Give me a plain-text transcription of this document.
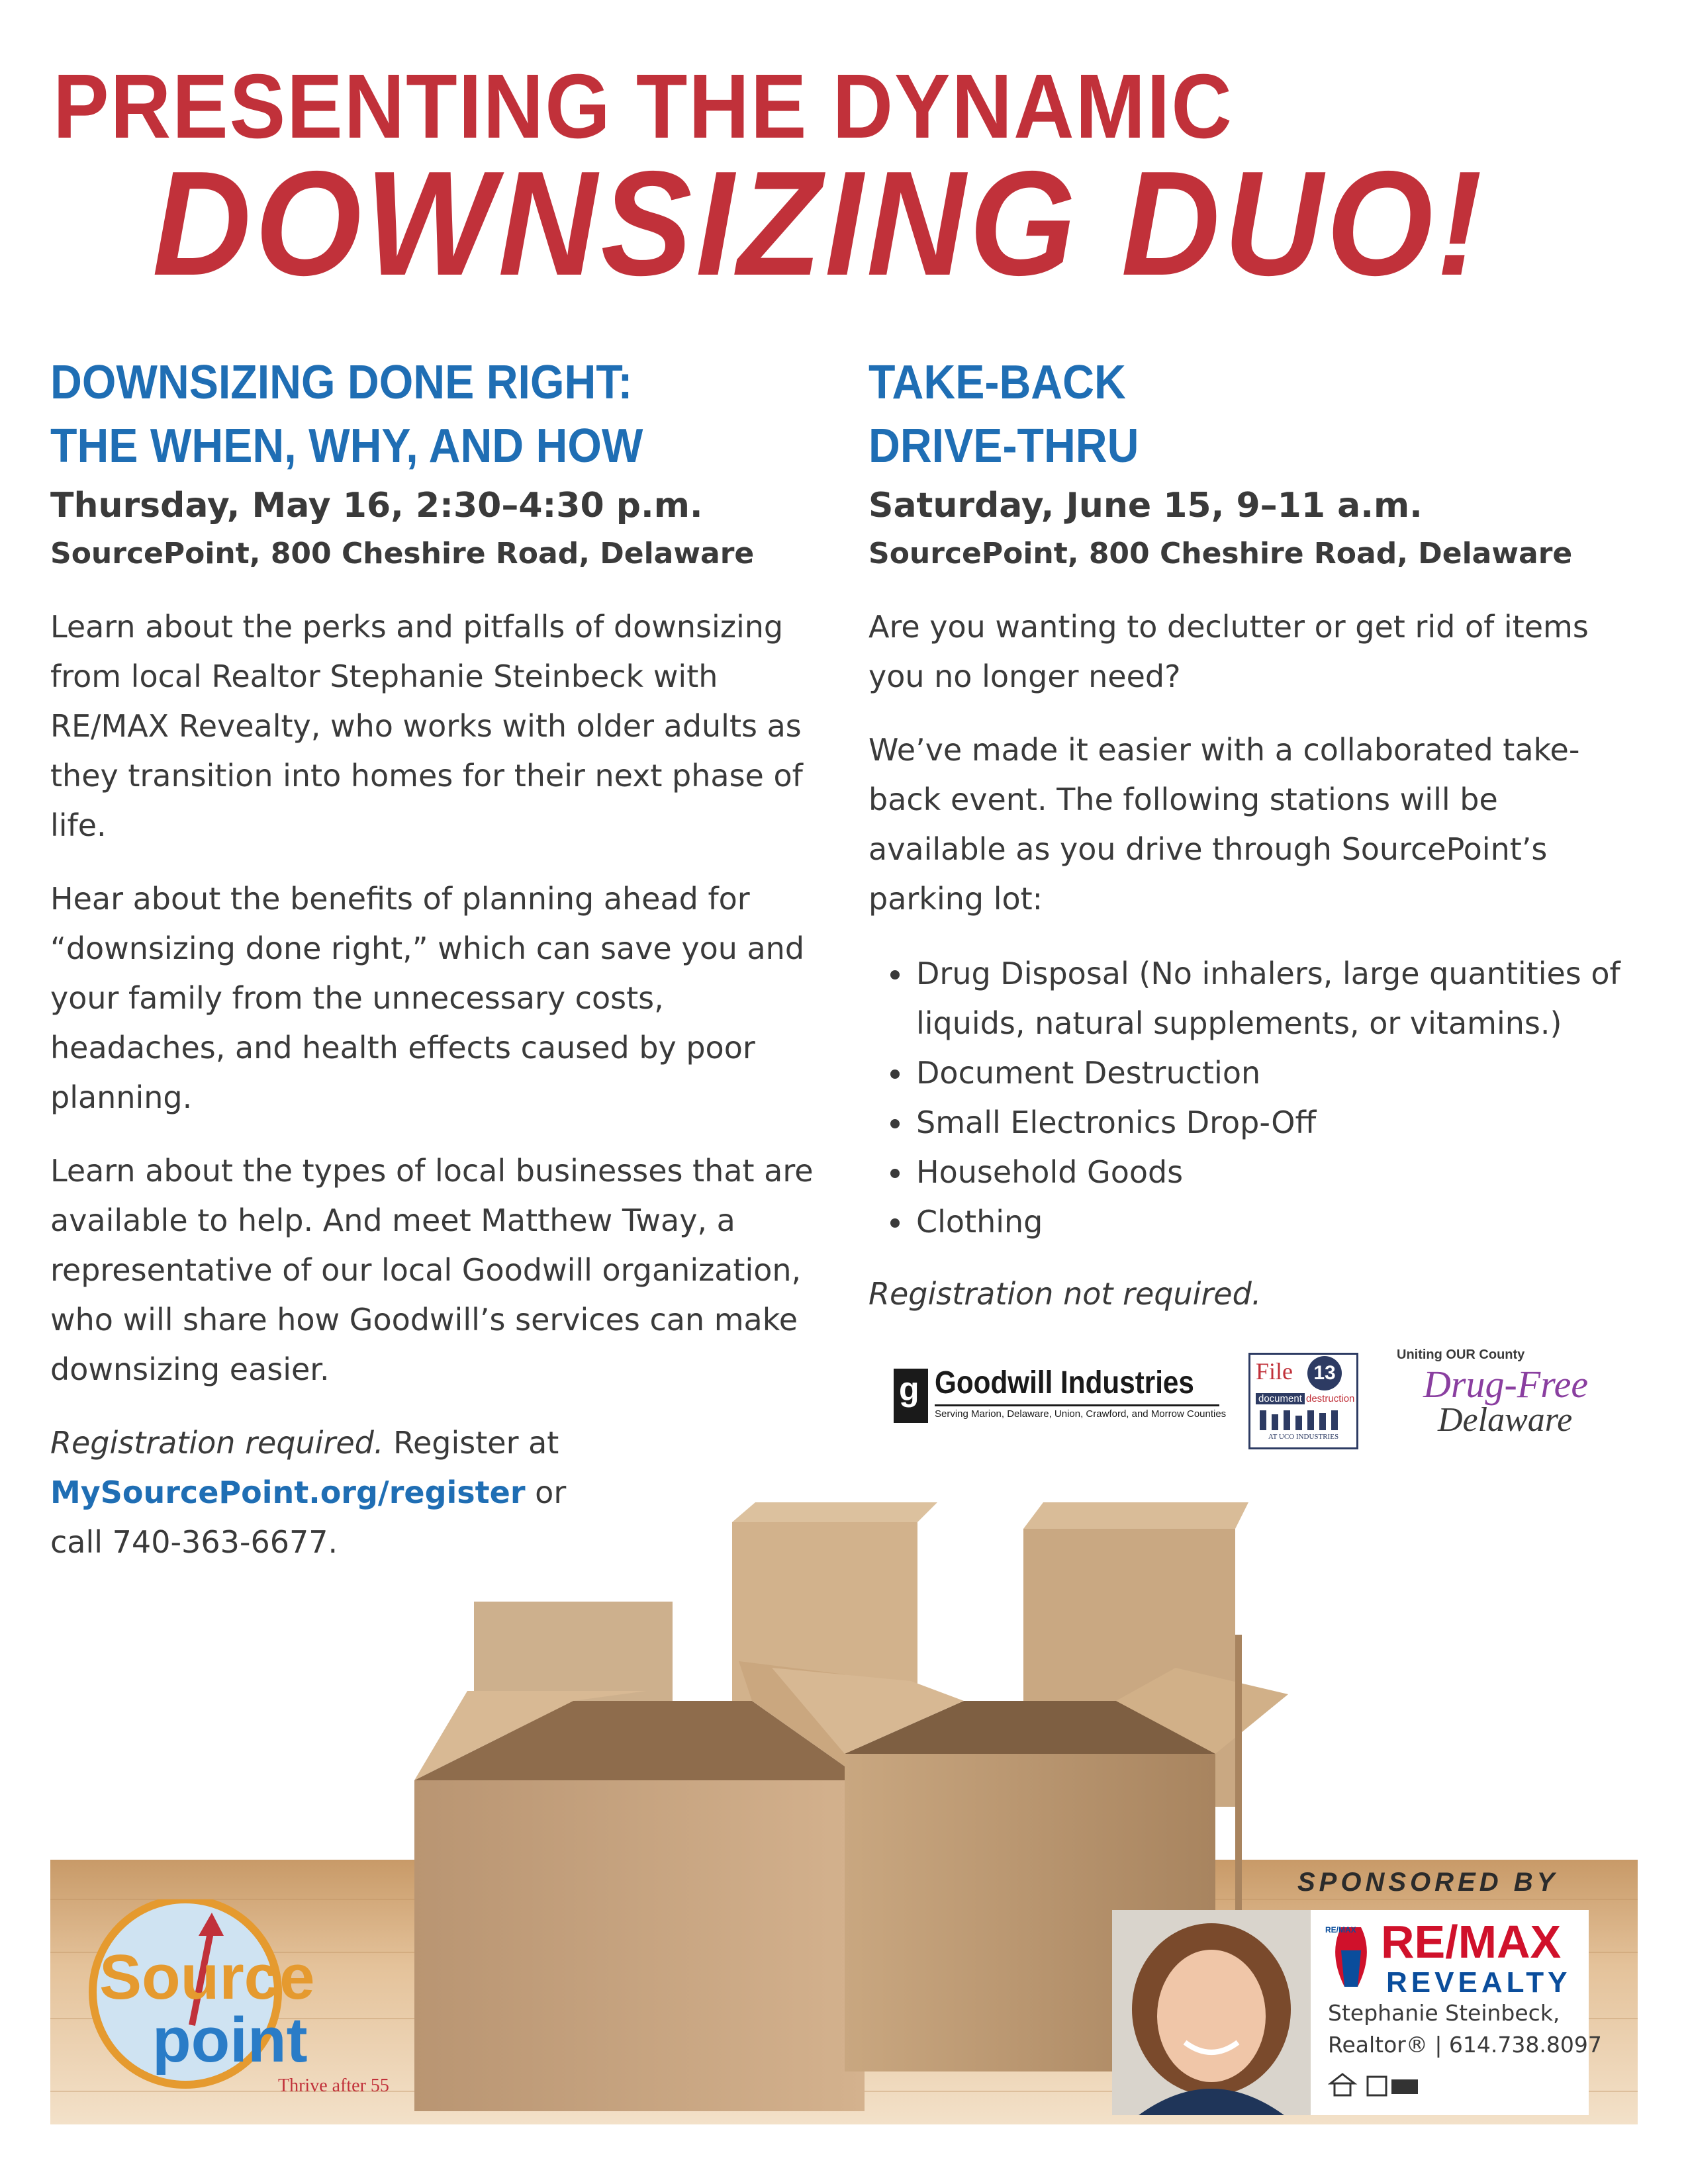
PRESENTING THE DYNAMIC
DOWNSIZING DUO!
DOWNSIZING DONE RIGHT:
THE WHEN, WHY, AND HOW
Thursday, May 16, 2:30–4:30 p.m.
SourcePoint, 800 Cheshire Road, Delaware

Learn about the perks and pitfalls of downsizing from local Realtor Stephanie Steinbeck with RE/MAX Revealty, who works with older adults as they transition into homes for their next phase of life.

Hear about the benefits of planning ahead for “downsizing done right,” which can save you and your family from the unnecessary costs, headaches, and health effects caused by poor planning.

Learn about the types of local businesses that are available to help. And meet Matthew Tway, a representative of our local Goodwill organization, who will share how Goodwill’s services can make downsizing easier.

Registration required. Register at
MySourcePoint.org/register or
call 740-363-6677.

TAKE-BACK
DRIVE-THRU
Saturday, June 15, 9–11 a.m.
SourcePoint, 800 Cheshire Road, Delaware

Are you wanting to declutter or get rid of items you no longer need?

We’ve made it easier with a collaborated take-back event. The following stations will be available as you drive through SourcePoint’s parking lot:

• Drug Disposal (No inhalers, large quantities of liquids, natural supplements, or vitamins.)
• Document Destruction
• Small Electronics Drop-Off
• Household Goods
• Clothing
Registration not required.
g Goodwill Industries
Serving Marion, Delaware, Union, Crawford, and Morrow Counties
File	13
document destruction
AT UCO INDUSTRIES
Uniting OUR County
Drug-Free
Delaware
Source
point
Thrive after 55
SPONSORED BY
RE/MAX RE/MAX
REVEALTY
Stephanie Steinbeck,
Realtor® | 614.738.8097
